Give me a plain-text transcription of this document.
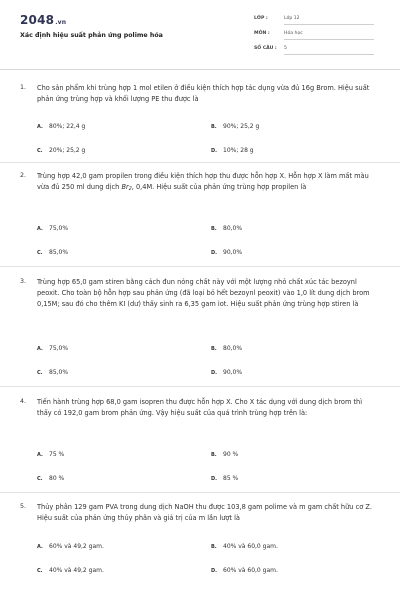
2048.vn
Xác định hiệu suất phản ứng polime hóa
LỚP :	Lớp 12
MÔN :	Hóa học
SỐ CÂU :	5
1. Cho sản phẩm khi trùng hợp 1 mol etilen ở điều kiện thích hợp tác dụng vừa đủ 16g Brom. Hiệu suất phản ứng trùng hợp và khối lượng PE thu được là
A. 80%; 22,4 g	B. 90%; 25,2 g
C. 20%; 25,2 g	D. 10%; 28 g
2. Trùng hợp 42,0 gam propilen trong điều kiện thích hợp thu được hỗn hợp X. Hỗn hợp X làm mất màu vừa đủ 250 ml dung dịch $Br_2$, 0,4M. Hiệu suất của phản ứng trùng hợp propilen là
A. 75,0%	B. 80,0%
C. 85,0%	D. 90,0%
3. Trùng hợp 65,0 gam stiren bằng cách đun nóng chất này với một lượng nhỏ chất xúc tác bezoynl peoxit. Cho toàn bộ hỗn hợp sau phản ứng (đã loại bỏ hết bezoynl peoxit) vào 1,0 lít dung dịch brom 0,15M; sau đó cho thêm KI (dư) thấy sinh ra 6,35 gam iot. Hiệu suất phản ứng trùng hợp stiren là
A. 75,0%	B. 80,0%
C. 85,0%	D. 90,0%
4. Tiến hành trùng hợp 68,0 gam isopren thu được hỗn hợp X. Cho X tác dụng với dung dịch brom thì thấy có 192,0 gam brom phản ứng. Vậy hiệu suất của quá trình trùng hợp trên là:
A. 75 %	B. 90 %
C. 80 %	D. 85 %
5. Thủy phân 129 gam PVA trong dung dịch NaOH thu được 103,8 gam polime và m gam chất hữu cơ Z. Hiệu suất của phản ứng thủy phân và giá trị của m lần lượt là
A. 60% và 49,2 gam.	B. 40% và 60,0 gam.
C. 40% và 49,2 gam.	D. 60% và 60,0 gam.
